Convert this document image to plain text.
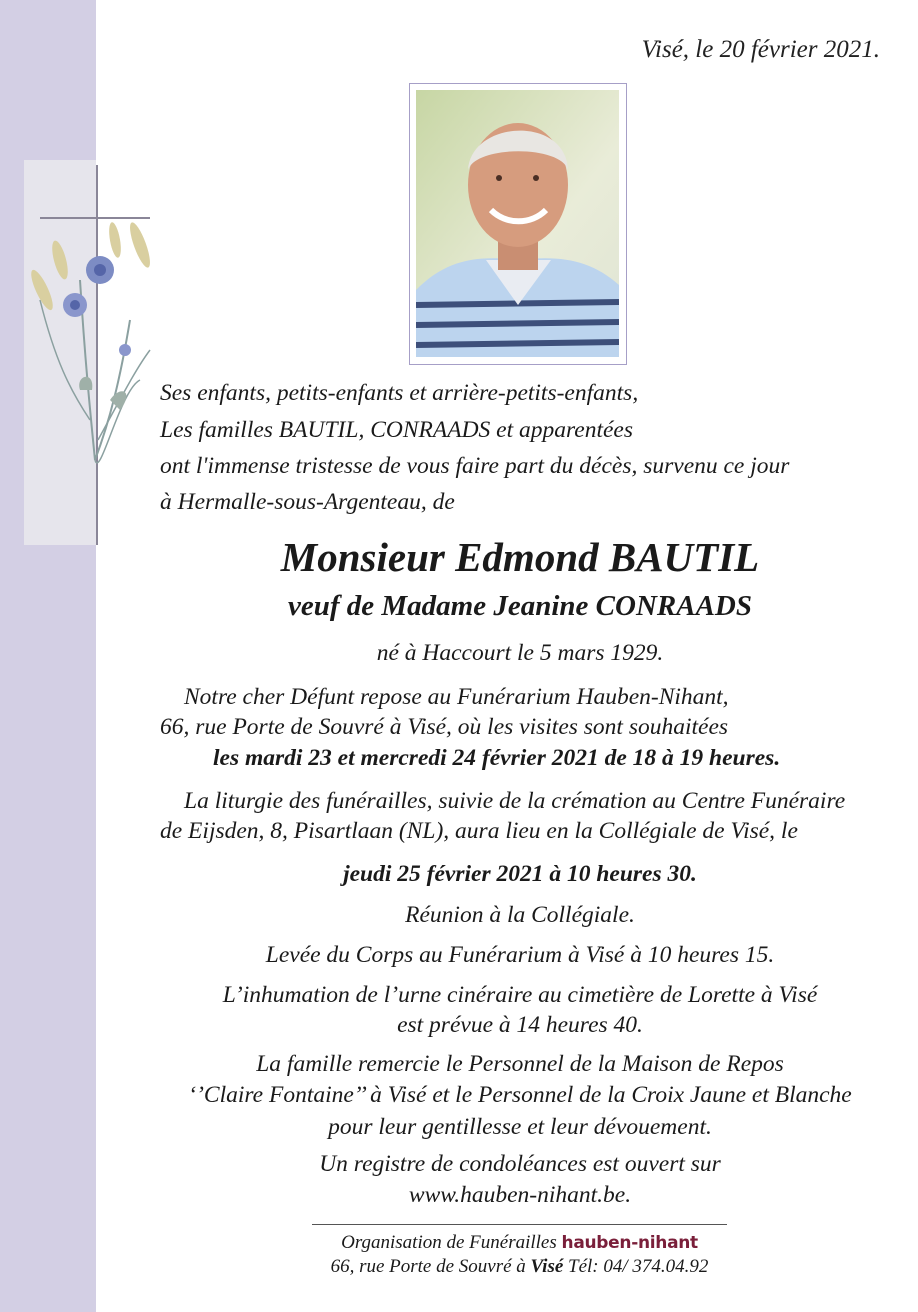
Visé, le 20 février 2021.
Ses enfants, petits-enfants et arrière-petits-enfants,
Les familles BAUTIL, CONRAADS et apparentées
ont l'immense tristesse de vous faire part du décès, survenu ce jour
à Hermalle-sous-Argenteau, de
Monsieur Edmond BAUTIL
veuf de Madame Jeanine CONRAADS
né à Haccourt le 5 mars 1929.
Notre cher Défunt repose au Funérarium Hauben-Nihant,
66, rue Porte de Souvré à Visé, où les visites sont souhaitées
les mardi 23 et mercredi 24 février 2021 de 18 à 19 heures.
La liturgie des funérailles, suivie de la crémation au Centre Funéraire
de Eijsden, 8, Pisartlaan (NL), aura lieu en la Collégiale de Visé, le
jeudi 25 février 2021 à 10 heures 30.
Réunion à la Collégiale.
Levée du Corps au Funérarium à Visé à 10 heures 15.
L’inhumation de l’urne cinéraire au cimetière de Lorette à Visé
est prévue à 14 heures 40.
La famille remercie le Personnel de la Maison de Repos
‘’Claire Fontaine’’ à Visé et le Personnel de la Croix Jaune et Blanche
pour leur gentillesse et leur dévouement.
Un registre de condoléances est ouvert sur
www.hauben-nihant.be.
Organisation de Funérailles hauben-nihant
66, rue Porte de Souvré à Visé Tél: 04/ 374.04.92
